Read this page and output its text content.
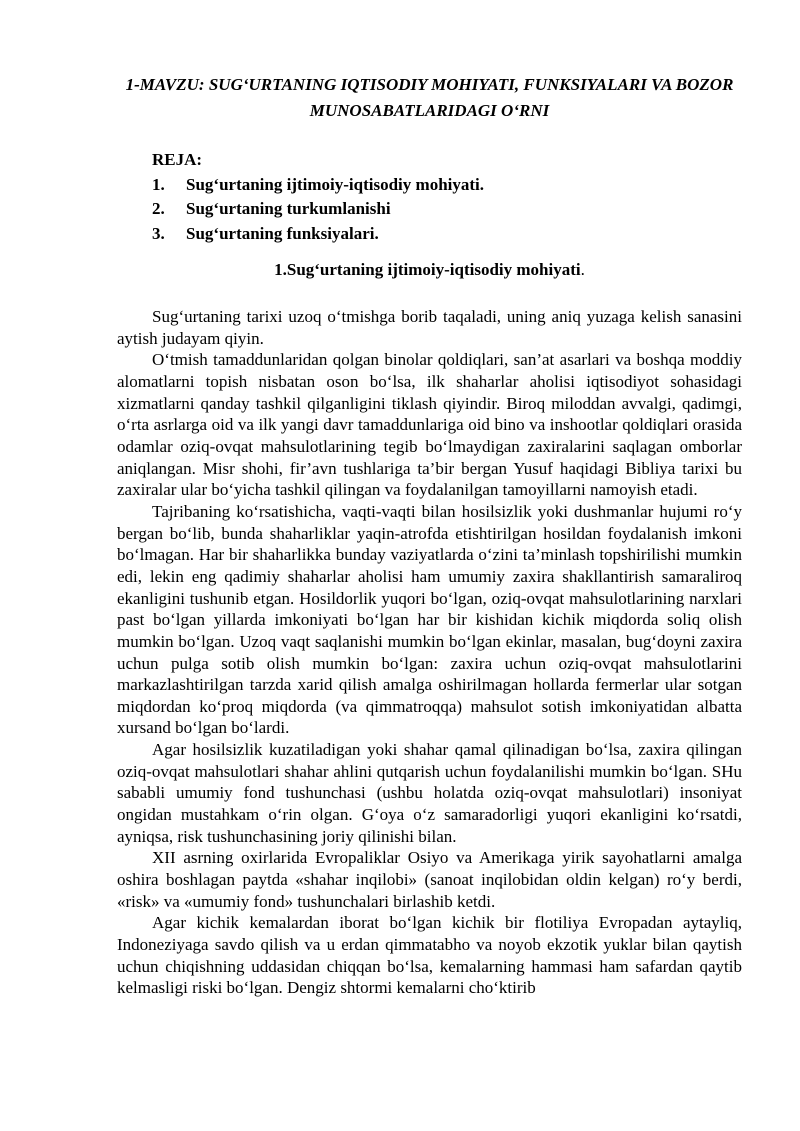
1-MAVZU: SUG‘URTANING IQTISODIY MOHIYATI, FUNKSIYALARI VA BOZOR MUNOSABATLARIDAGI O‘RNI
REJA:
1.	Sug‘urtaning ijtimoiy-iqtisodiy mohiyati.
2.	Sug‘urtaning turkumlanishi
3.	Sug‘urtaning funksiyalari.
1.Sug‘urtaning ijtimoiy-iqtisodiy mohiyati.

Sug‘urtaning tarixi uzoq o‘tmishga borib taqaladi, uning aniq yuzaga kelish sanasini aytish judayam qiyin.

O‘tmish tamaddunlaridan qolgan binolar qoldiqlari, san’at asarlari va boshqa moddiy alomatlarni topish nisbatan oson bo‘lsa, ilk shaharlar aholisi iqtisodiyot sohasidagi xizmatlarni qanday tashkil qilganligini tiklash qiyindir. Biroq miloddan avvalgi, qadimgi, o‘rta asrlarga oid va ilk yangi davr tamaddunlariga oid bino va inshootlar qoldiqlari orasida odamlar oziq-ovqat mahsulotlarining tegib bo‘lmaydigan zaxiralarini saqlagan omborlar aniqlangan. Misr shohi, fir’avn tushlariga ta’bir bergan Yusuf haqidagi Bibliya tarixi bu zaxiralar ular bo‘yicha tashkil qilingan va foydalanilgan tamoyillarni namoyish etadi.

Tajribaning ko‘rsatishicha, vaqti-vaqti bilan hosilsizlik yoki dushmanlar hujumi ro‘y bergan bo‘lib, bunda shaharliklar yaqin-atrofda etishtirilgan hosildan foydalanish imkoni bo‘lmagan. Har bir shaharlikka bunday vaziyatlarda o‘zini ta’minlash topshirilishi mumkin edi, lekin eng qadimiy shaharlar aholisi ham umumiy zaxira shakllantirish samaraliroq ekanligini tushunib etgan. Hosildorlik yuqori bo‘lgan, oziq-ovqat mahsulotlarining narxlari past bo‘lgan yillarda imkoniyati bo‘lgan har bir kishidan kichik miqdorda soliq olish mumkin bo‘lgan. Uzoq vaqt saqlanishi mumkin bo‘lgan ekinlar, masalan, bug‘doyni zaxira uchun pulga sotib olish mumkin bo‘lgan: zaxira uchun oziq-ovqat mahsulotlarini markazlashtirilgan tarzda xarid qilish amalga oshirilmagan hollarda fermerlar ular sotgan miqdordan ko‘proq miqdorda (va qimmatroqqa) mahsulot sotish imkoniyatidan albatta xursand bo‘lgan bo‘lardi.

Agar hosilsizlik kuzatiladigan yoki shahar qamal qilinadigan bo‘lsa, zaxira qilingan oziq-ovqat mahsulotlari shahar ahlini qutqarish uchun foydalanilishi mumkin bo‘lgan. SHu sababli umumiy fond tushunchasi (ushbu holatda oziq-ovqat mahsulotlari) insoniyat ongidan mustahkam o‘rin olgan. G‘oya o‘z samaradorligi yuqori ekanligini ko‘rsatdi, ayniqsa, risk tushunchasining joriy qilinishi bilan.

XII asrning oxirlarida Evropaliklar Osiyo va Amerikaga yirik sayohatlarni amalga oshira boshlagan paytda «shahar inqilobi» (sanoat inqilobidan oldin kelgan) ro‘y berdi, «risk» va «umumiy fond» tushunchalari birlashib ketdi.

Agar kichik kemalardan iborat bo‘lgan kichik bir flotiliya Evropadan aytayliq, Indoneziyaga savdo qilish va u erdan qimmatabho va noyob ekzotik yuklar bilan qaytish uchun chiqishning uddasidan chiqqan bo‘lsa, kemalarning hammasi ham safardan qaytib kelmasligi riski bo‘lgan. Dengiz shtormi kemalarni cho‘ktirib
